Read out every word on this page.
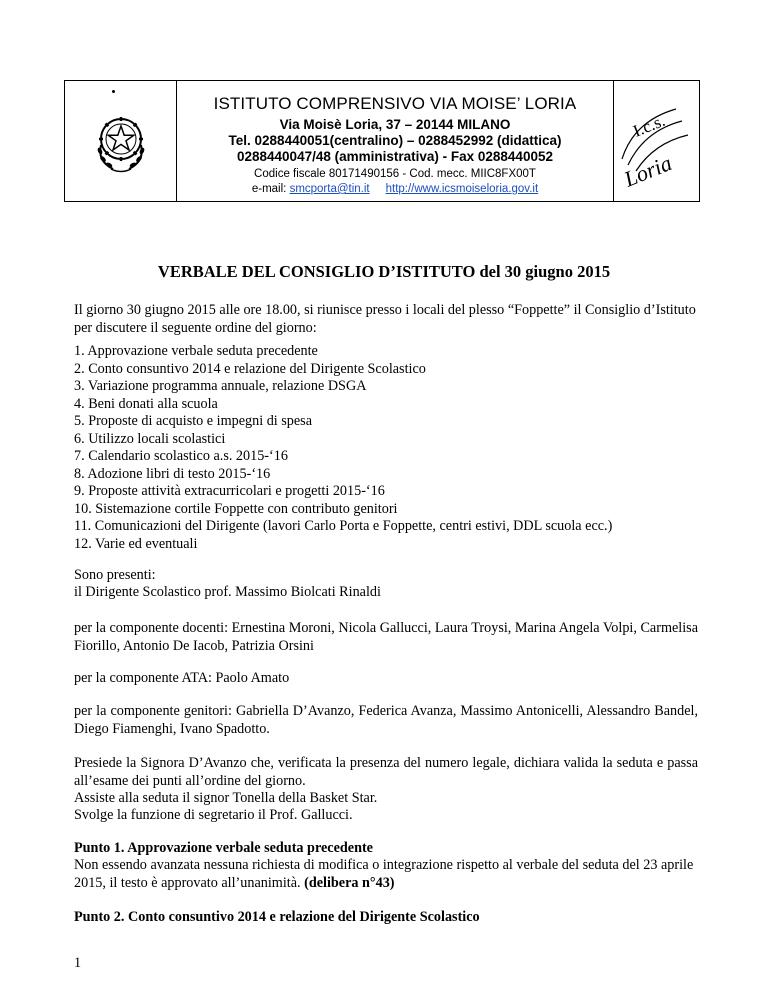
ISTITUTO COMPRENSIVO VIA MOISE’ LORIA
Via Moisè Loria, 37 – 20144 MILANO
Tel. 0288440051(centralino) – 0288452992 (didattica)
0288440047/48 (amministrativa) - Fax 0288440052
Codice fiscale 80171490156 - Cod. mecc. MIIC8FX00T
e-mail: smcporta@tin.it http://www.icsmoiseloria.gov.it
I.c.s.
Loria
VERBALE DEL CONSIGLIO D’ISTITUTO del 30 giugno 2015
Il giorno 30 giugno 2015 alle ore 18.00, si riunisce presso i locali del plesso “Foppette” il Consiglio d’Istituto per discutere il seguente ordine del giorno:
1. Approvazione verbale seduta precedente
2. Conto consuntivo 2014 e relazione del Dirigente Scolastico
3. Variazione programma annuale, relazione DSGA
4. Beni donati alla scuola
5. Proposte di acquisto e impegni di spesa
6. Utilizzo locali scolastici
7. Calendario scolastico a.s. 2015-‘16
8. Adozione libri di testo 2015-‘16
9. Proposte attività extracurricolari e progetti 2015-‘16
10. Sistemazione cortile Foppette con contributo genitori
11. Comunicazioni del Dirigente (lavori Carlo Porta e Foppette, centri estivi, DDL scuola ecc.)
12. Varie ed eventuali
Sono presenti:
il Dirigente Scolastico prof. Massimo Biolcati Rinaldi
per la componente docenti: Ernestina Moroni, Nicola Gallucci, Laura Troysi, Marina Angela Volpi, Carmelisa Fiorillo, Antonio De Iacob, Patrizia Orsini
per la componente ATA: Paolo Amato
per la componente genitori: Gabriella D’Avanzo, Federica Avanza, Massimo Antonicelli, Alessandro Bandel, Diego Fiamenghi, Ivano Spadotto.
Presiede la Signora D’Avanzo che, verificata la presenza del numero legale, dichiara valida la seduta e passa all’esame dei punti all’ordine del giorno.
Assiste alla seduta il signor Tonella della Basket Star.
Svolge la funzione di segretario il Prof. Gallucci.
Punto 1. Approvazione verbale seduta precedente
Non essendo avanzata nessuna richiesta di modifica o integrazione rispetto al verbale del seduta del 23 aprile 2015, il testo è approvato all’unanimità. (delibera n°43)
Punto 2. Conto consuntivo 2014 e relazione del Dirigente Scolastico
1
